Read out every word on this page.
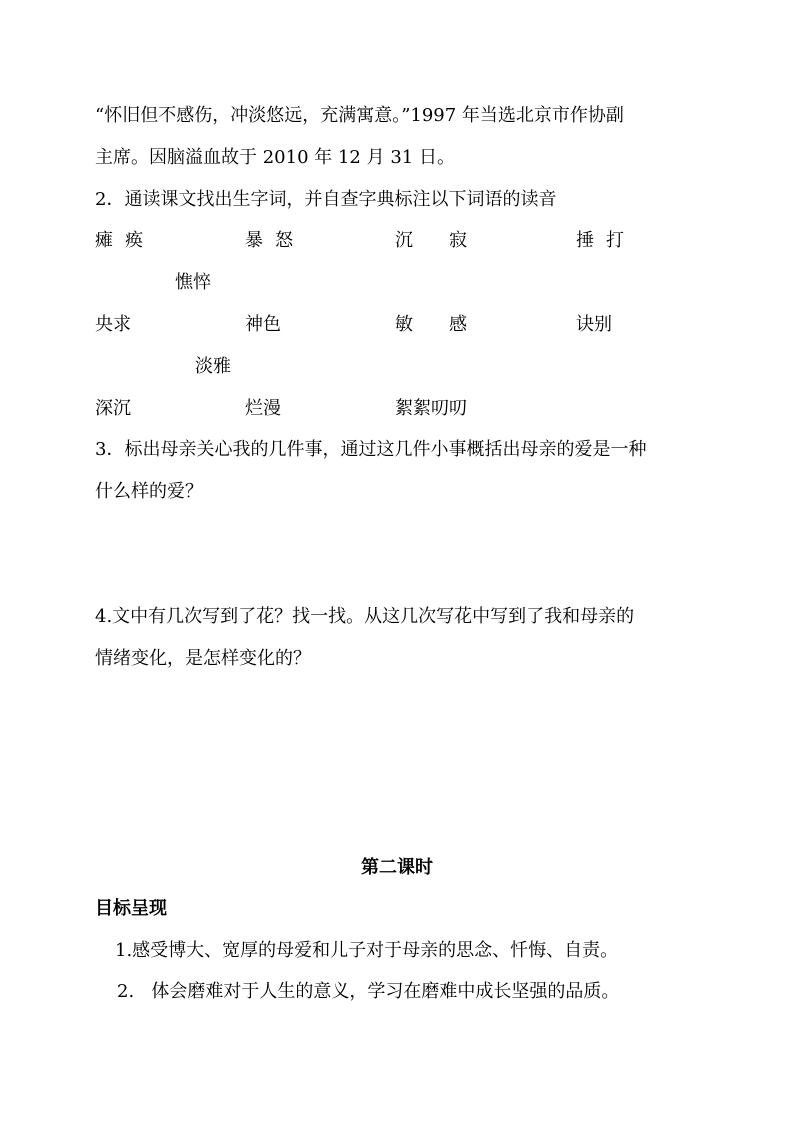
“怀旧但不感伤，冲淡悠远，充满寓意。”1997 年当选北京市作协副
主席。因脑溢血故于 2010 年 12 月 31 日。
2．通读课文找出生字词，并自查字典标注以下词语的读音
瘫痪	暴怒	沉寂	捶打
憔悴
央求	神色	敏感	诀别
淡雅
深沉	烂漫	絮絮叨叨
3．标出母亲关心我的几件事，通过这几件小事概括出母亲的爱是一种
什么样的爱？
4.文中有几次写到了花？找一找。从这几次写花中写到了我和母亲的
情绪变化，是怎样变化的？
第二课时
目标呈现
1.感受博大、宽厚的母爱和儿子对于母亲的思念、忏悔、自责。
2.   体会磨难对于人生的意义，学习在磨难中成长坚强的品质。
